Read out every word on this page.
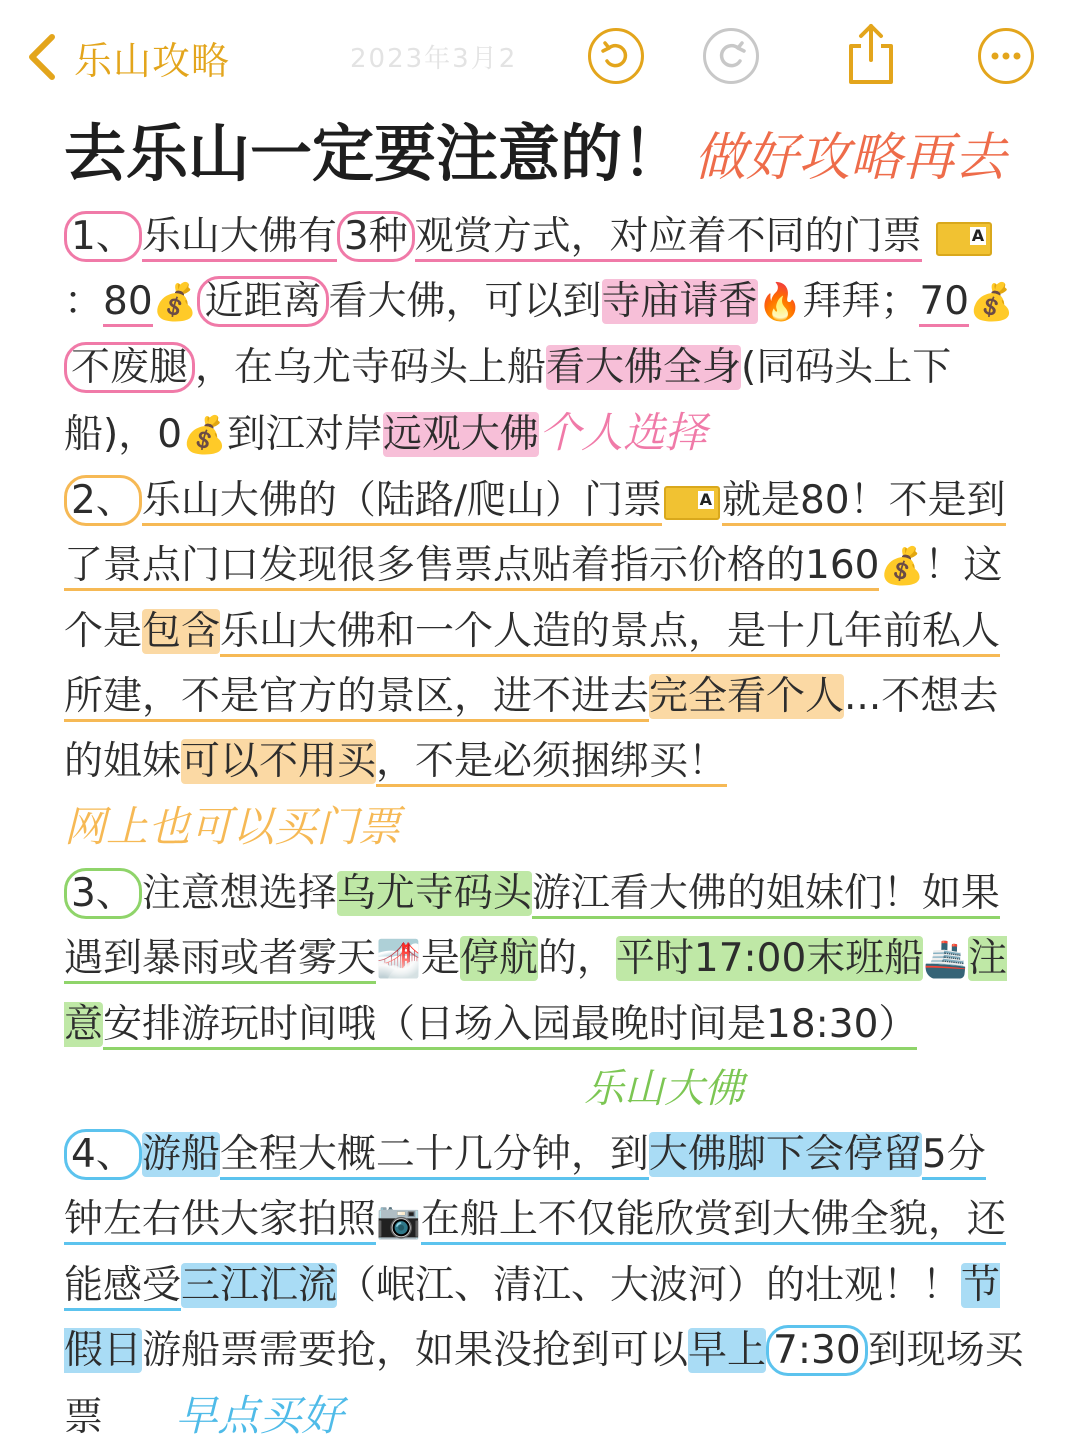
乐山攻略	2023年3月2
去乐山一定要注意的！ 做好攻略再去

1、 乐山大佛有 3种 观赏方式，对应着不同的门票 A：80💰 近距离 看大佛，可以到寺庙请香🔥拜拜；70💰不废腿 ，在乌尤寺码头上船看大佛全身(同码头上下船)，0💰到江对岸远观大佛个人选择

2、 乐山大佛的（陆路/爬山）门票A 就是80！不是到了景点门口发现很多售票点贴着指示价格的160💰！这个是包含乐山大佛和一个人造的景点，是十几年前私人所建，不是官方的景区，进不进去完全看个人...不想去的姐妹可以不用买，不是必须捆绑买！网上也可以买门票

3、 注意想选择乌尤寺码头游江看大佛的姐妹们！如果遇到暴雨或者雾天🌁是停航的，平时17:00末班船🚢注意安排游玩时间哦（日场入园最晚时间是18:30）
乐山大佛

4、 游船全程大概二十几分钟，到大佛脚下会停留5分钟左右供大家拍照📷在船上不仅能欣赏到大佛全貌，还能感受三江汇流（岷江、清江、大波河）的壮观！！节假日游船票需要抢，如果没抢到可以早上 7:30 到现场买票 早点买好
